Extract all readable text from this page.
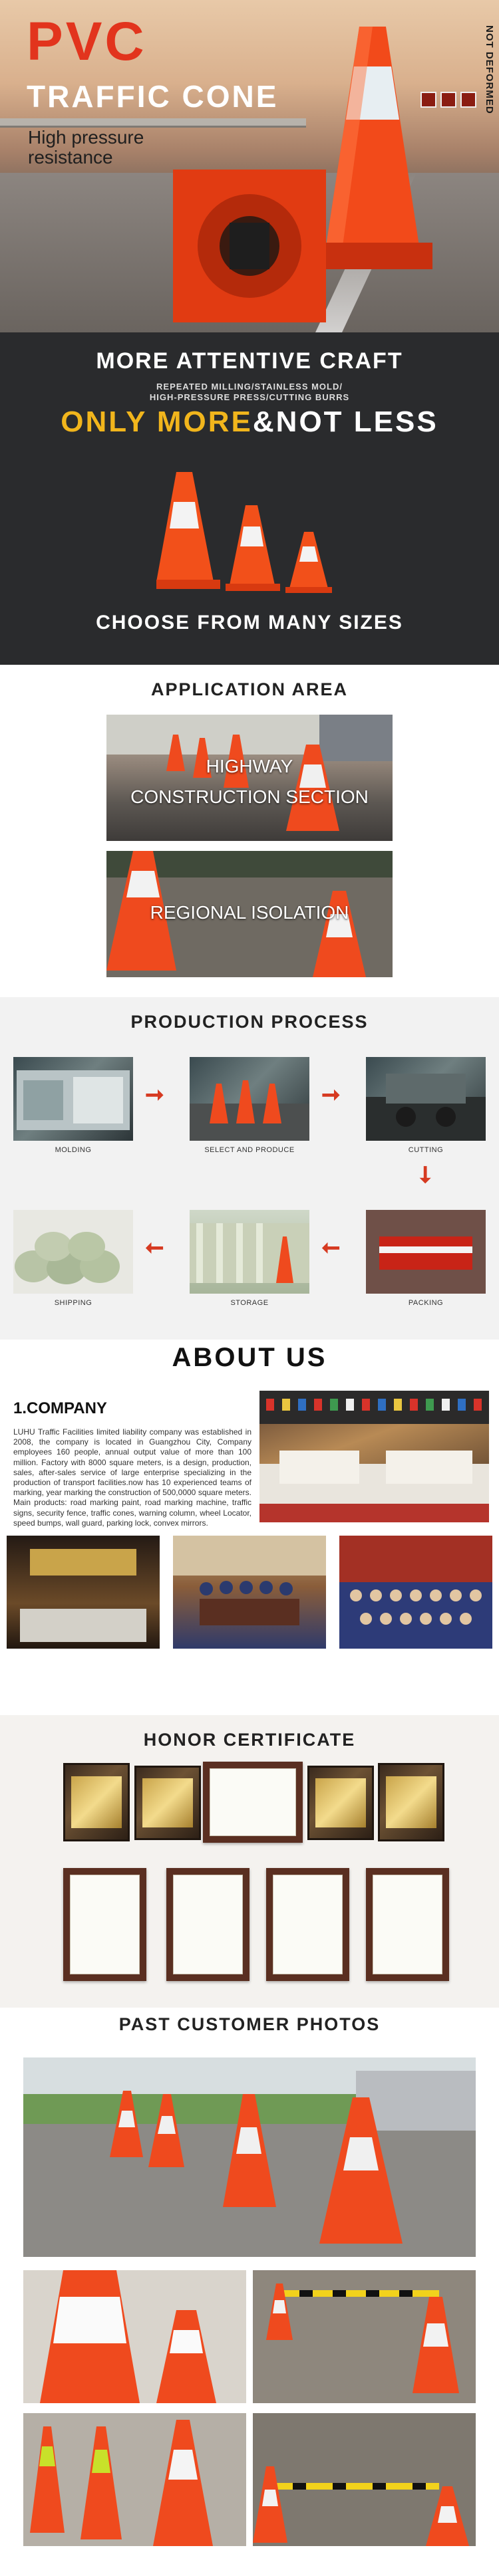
PVC
TRAFFIC CONE
High pressure resistance
NOT DEFORMED
MORE ATTENTIVE CRAFT
REPEATED MILLING/STAINLESS MOLD/
HIGH-PRESSURE PRESS/CUTTING BURRS
ONLY MORE&NOT LESS
CHOOSE FROM MANY SIZES
APPLICATION AREA
HIGHWAY
CONSTRUCTION SECTION
REGIONAL ISOLATION
PRODUCTION PROCESS
MOLDING
➞
SELECT AND PRODUCE
➞
CUTTING
➞
PACKING
➞
STORAGE
➞
SHIPPING
ABOUT US
1.COMPANY
LUHU Traffic Facilities limited liability company was established in 2008, the company is located in Guangzhou City, Company employees 160 people, annual output value of more than 100 million. Factory with 8000 square meters, is a design, production, sales, after-sales service of large enterprise specializing in the production of transport facilities.now has 10 experienced teams of marking, year marking the construction of 500,0000 square meters. Main products: road marking paint, road marking machine, traffic signs, security fence, traffic cones, warning column, wheel Locator, speed bumps, wall guard, parking lock, convex mirrors.
HONOR CERTIFICATE
PAST CUSTOMER PHOTOS
